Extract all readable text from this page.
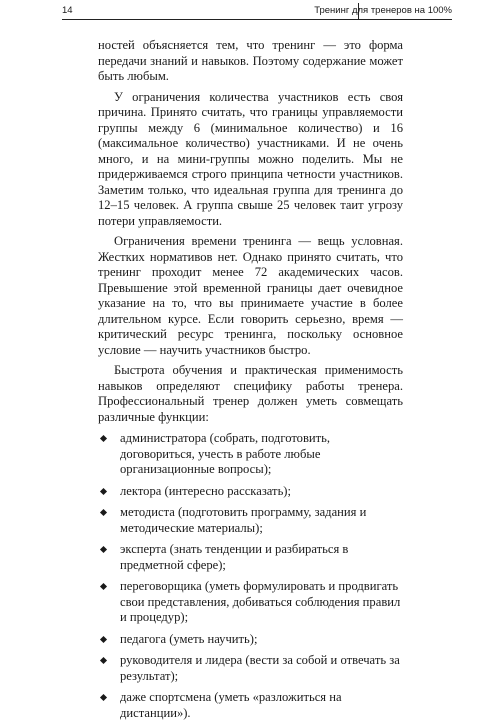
14	Тренинг для тренеров на 100%

ностей объясняется тем, что тренинг — это форма передачи знаний и навыков. Поэтому содержание может быть любым.

У ограничения количества участников есть своя причина. Принято считать, что границы управляемости группы между 6 (минимальное количество) и 16 (максимальное количество) участниками. И не очень много, и на мини-группы можно поделить. Мы не придерживаемся строго принципа четности участников. Заметим только, что идеальная группа для тренинга до 12–15 человек. А группа свыше 25 человек таит угрозу потери управляемости.

Ограничения времени тренинга — вещь условная. Жестких нормативов нет. Однако принято считать, что тренинг проходит менее 72 академических часов. Превышение этой временной границы дает очевидное указание на то, что вы принимаете участие в более длительном курсе. Если говорить серьезно, время — критический ресурс тренинга, поскольку основное условие — научить участников быстро.

Быстрота обучения и практическая применимость навыков определяют специфику работы тренера. Профессиональный тренер должен уметь совмещать различные функции:

администратора (собрать, подготовить, договориться, учесть в работе любые организационные вопросы);
лектора (интересно рассказать);
методиста (подготовить программу, задания и методические материалы);
эксперта (знать тенденции и разбираться в предметной сфере);
переговорщика (уметь формулировать и продвигать свои представления, добиваться соблюдения правил и процедур);
педагога (уметь научить);
руководителя и лидера (вести за собой и отвечать за результат);
даже спортсмена (уметь «разложиться на дистанции»).
